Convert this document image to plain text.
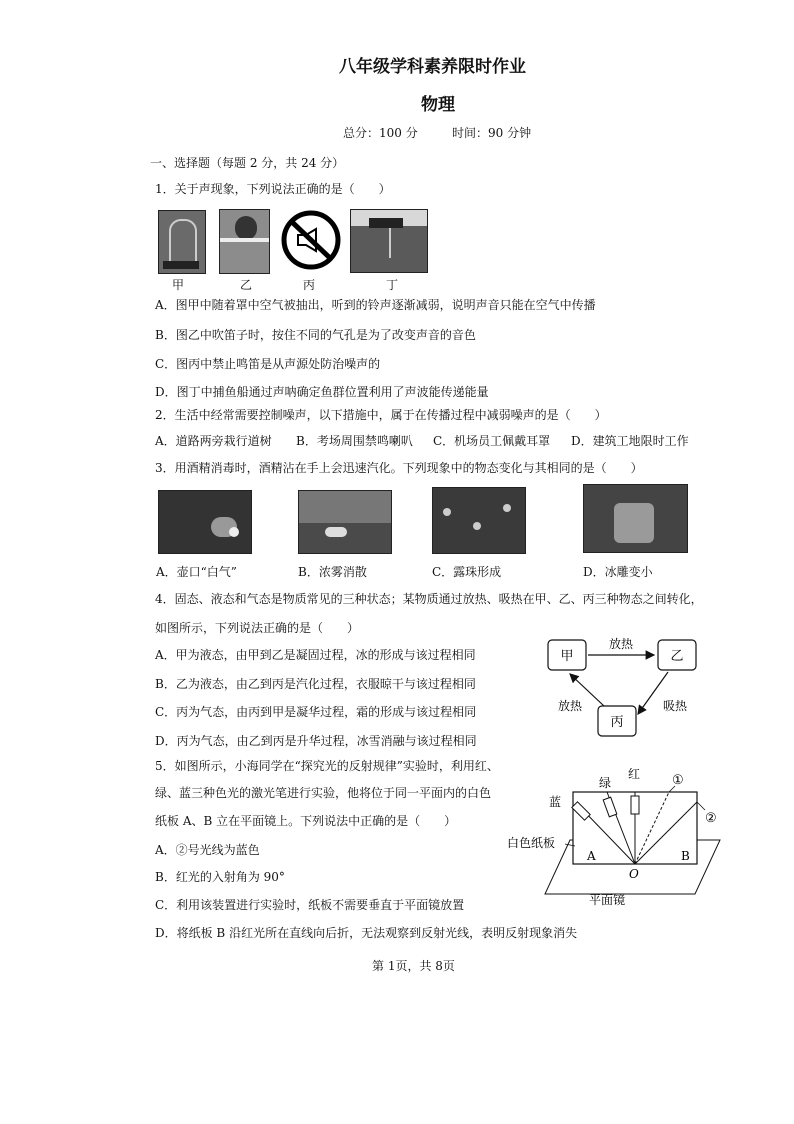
八年级学科素养限时作业
物理
总分：100 分	时间：90 分钟
一、选择题（每题 2 分，共 24 分）
1．关于声现象，下列说法正确的是（　　）
甲	乙	丙	丁
A．图甲中随着罩中空气被抽出，听到的铃声逐渐减弱，说明声音只能在空气中传播
B．图乙中吹笛子时，按住不同的气孔是为了改变声音的音色
C．图丙中禁止鸣笛是从声源处防治噪声的
D．图丁中捕鱼船通过声呐确定鱼群位置利用了声波能传递能量
2．生活中经常需要控制噪声，以下措施中，属于在传播过程中减弱噪声的是（　　）
A．道路两旁栽行道树 B．考场周围禁鸣喇叭 C．机场员工佩戴耳罩 D．建筑工地限时工作
3．用酒精消毒时，酒精沾在手上会迅速汽化。下列现象中的物态变化与其相同的是（　　）
A．壶口“白气”	B．浓雾消散	C．露珠形成	D．冰雕变小
4．固态、液态和气态是物质常见的三种状态；某物质通过放热、吸热在甲、乙、丙三种物态之间转化，
如图所示，下列说法正确的是（　　）
A．甲为液态，由甲到乙是凝固过程，冰的形成与该过程相同
B．乙为液态，由乙到丙是汽化过程，衣服晾干与该过程相同
C．丙为气态，由丙到甲是凝华过程，霜的形成与该过程相同
D．丙为气态，由乙到丙是升华过程，冰雪消融与该过程相同
甲	乙
丙
放热
放热	吸热
5．如图所示，小海同学在“探究光的反射规律”实验时，利用红、
绿、蓝三种色光的激光笔进行实验，他将位于同一平面内的白色
纸板 A、B 立在平面镜上。下列说法中正确的是（　　）
A．②号光线为蓝色
B．红光的入射角为 90°
C．利用该装置进行实验时，纸板不需要垂直于平面镜放置
D．将纸板 B 沿红光所在直线向后折，无法观察到反射光线，表明反射现象消失
绿
红
蓝
①
②
白色纸板
A	B
O
平面镜
第 1页，共 8页
